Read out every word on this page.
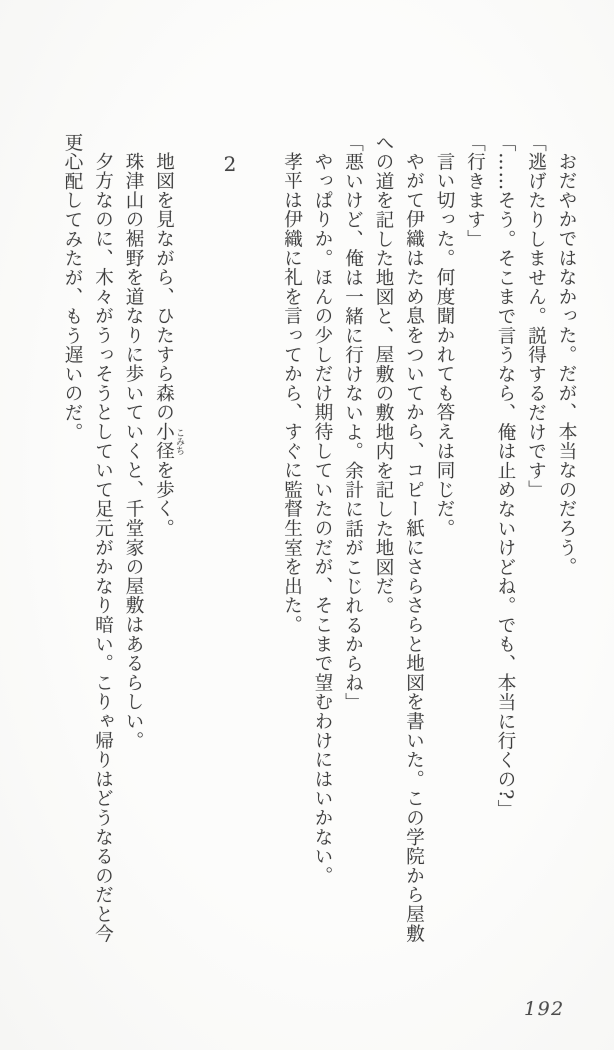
おだやかではなかった。だが、本当なのだろう。
「逃げたりしません。説得するだけです」
「……そう。そこまで言うなら、俺は止めないけどね。でも、本当に行くの?」
「行きます」
言い切った。何度聞かれても答えは同じだ。
やがて伊織はため息をついてから、コピー紙にさらさらと地図を書いた。この学院から屋敷
への道を記した地図と、屋敷の敷地内を記した地図だ。
「悪いけど、俺は一緒に行けないよ。余計に話がこじれるからね」
やっぱりか。ほんの少しだけ期待していたのだが、そこまで望むわけにはいかない。
孝平は伊織に礼を言ってから、すぐに監督生室を出た。
2
地図を見ながら、ひたすら森の小径 こみちを歩く。
珠津山の裾野を道なりに歩いていくと、千堂家の屋敷はあるらしい。
夕方なのに、木々がうっそうとしていて足元がかなり暗い。こりゃ帰りはどうなるのだと今
更心配してみたが、もう遅いのだ。
192
